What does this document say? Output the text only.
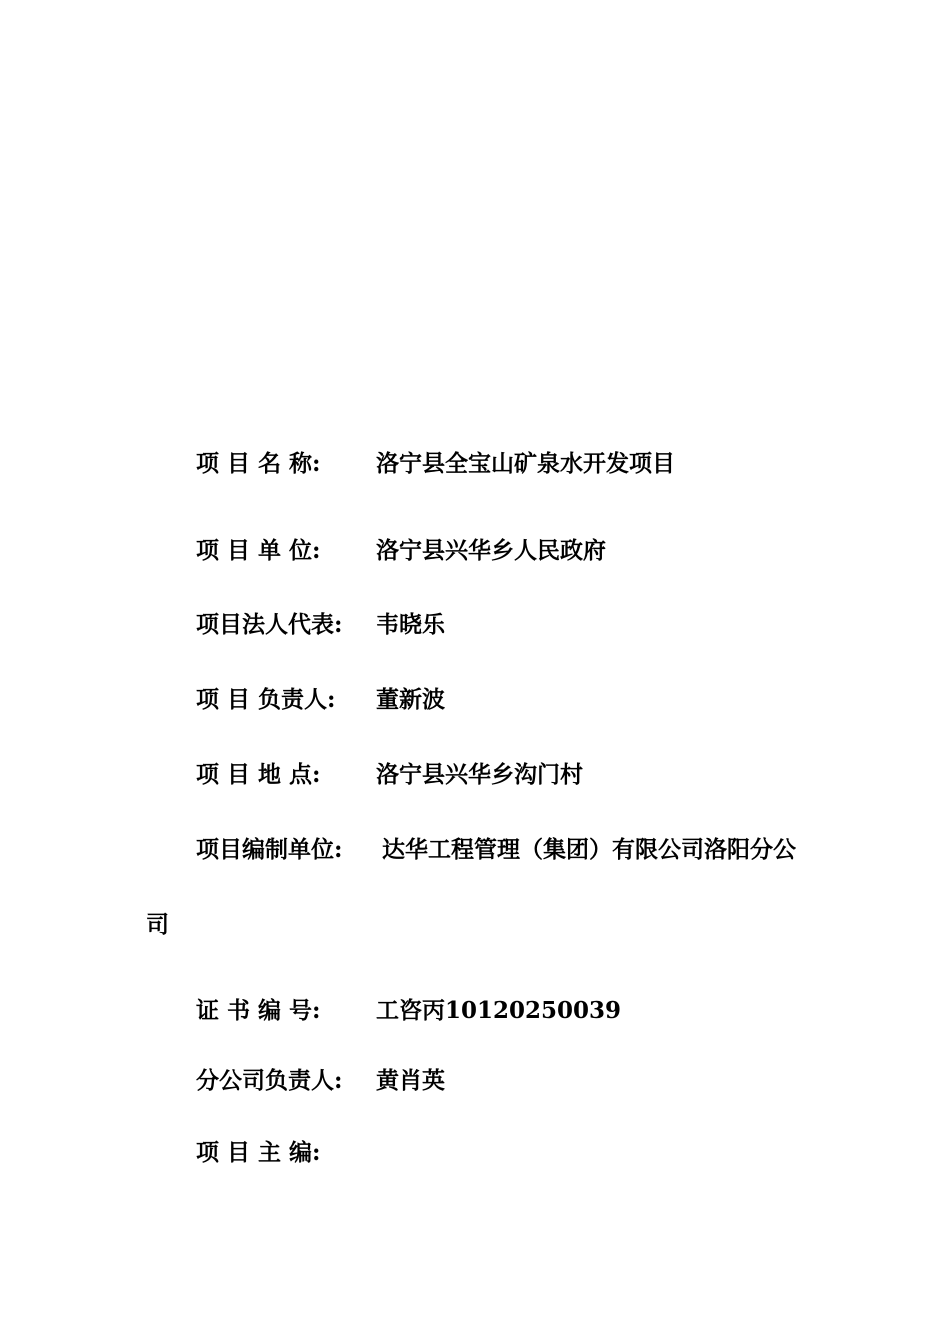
项 目 名 称: 洛宁县全宝山矿泉水开发项目
项 目 单 位: 洛宁县兴华乡人民政府
项目法人代表: 韦晓乐
项 目 负责人: 董新波
项 目 地 点: 洛宁县兴华乡沟门村
项目编制单位: 达华工程管理（集团）有限公司洛阳分公
司
证 书 编 号: 工咨丙10120250039
分公司负责人: 黄肖英
项 目 主 编:
